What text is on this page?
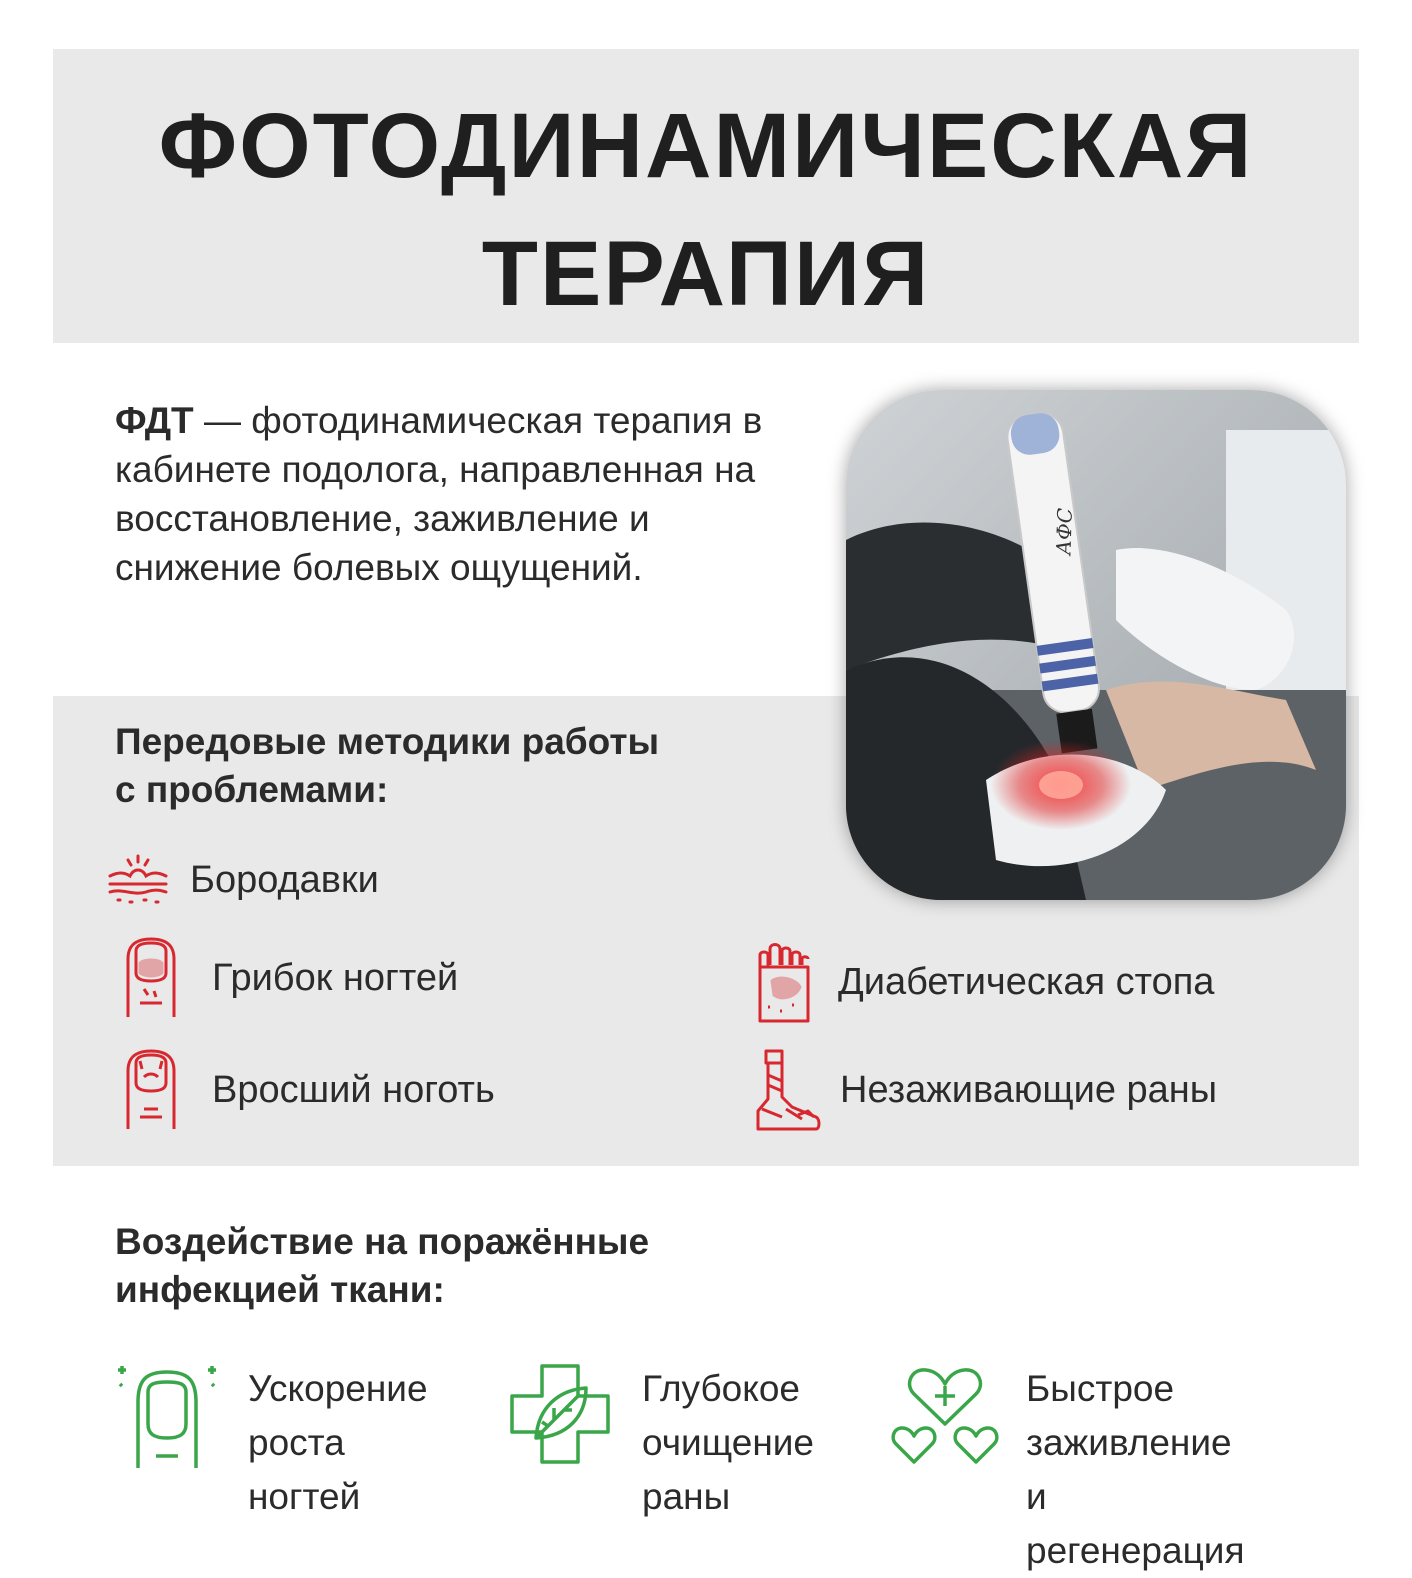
ФОТОДИНАМИЧЕСКАЯ
ТЕРАПИЯ
ФДТ — фотодинамическая терапия в кабинете подолога, направленная на восстановление, заживление и снижение болевых ощущений.
АФС
Передовые методики работы
с проблемами:
Бородавки
Грибок ногтей	Диабетическая стопа
Вросший ноготь	Незаживающие раны
Воздействие на поражённые
инфекцией ткани:
Ускорение
роста
ногтей
Глубокое
очищение
раны
Быстрое
заживление
и регенерация
